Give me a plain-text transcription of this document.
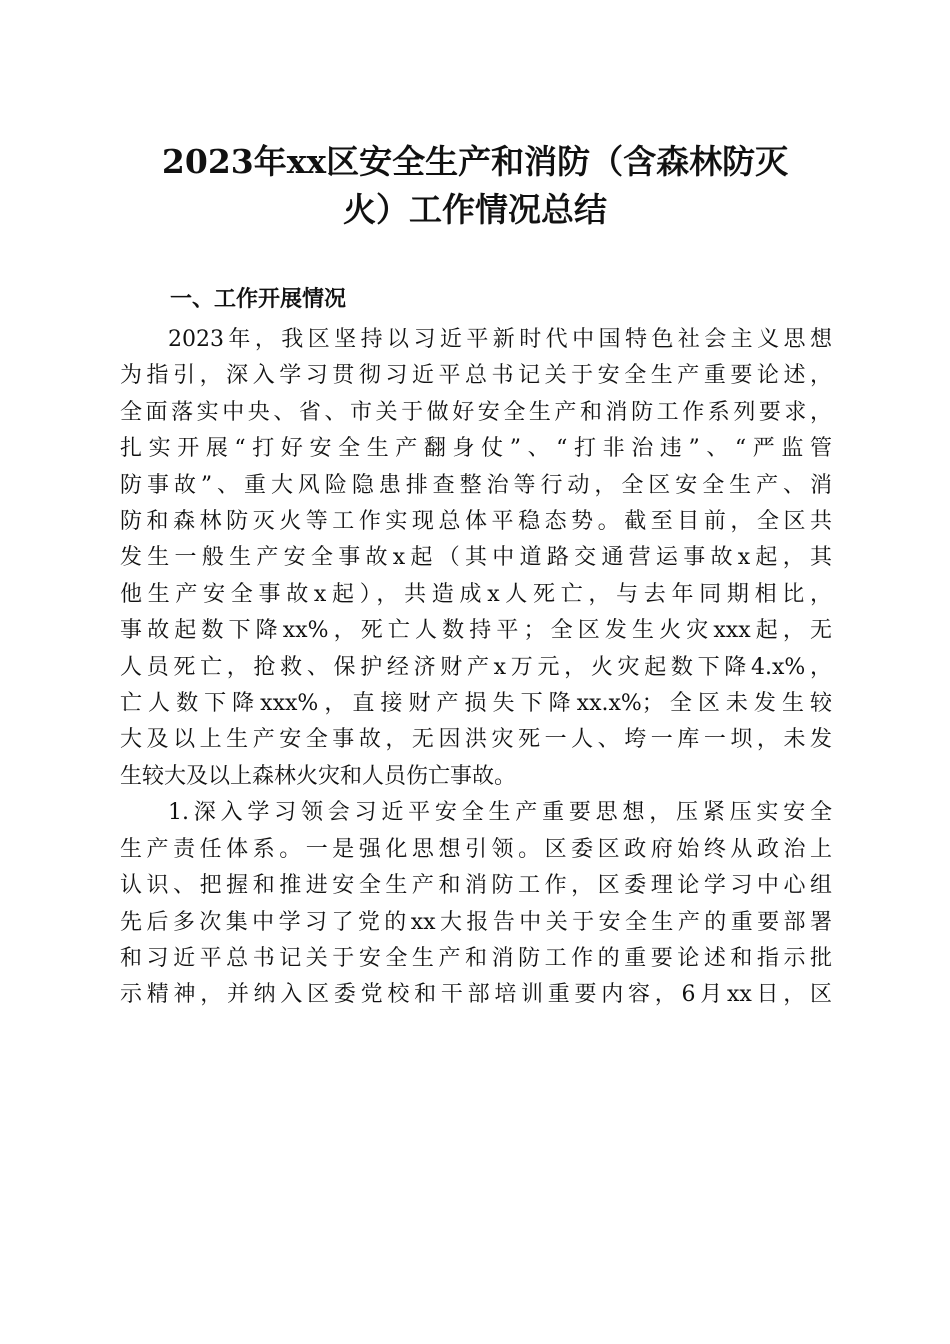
2023年xx区安全生产和消防（含森林防灭
火）工作情况总结
一、工作开展情况
2023年，我区坚持以习近平新时代中国特色社会主义思想
为指引，深入学习贯彻习近平总书记关于安全生产重要论述，
全面落实中央、省、市关于做好安全生产和消防工作系列要求，
扎实开展“打好安全生产翻身仗”、“打非治违”、“严监管
防事故”、重大风险隐患排查整治等行动，全区安全生产、消
防和森林防灭火等工作实现总体平稳态势。截至目前，全区共
发生一般生产安全事故x起（其中道路交通营运事故x起，其
他生产安全事故x起），共造成x人死亡，与去年同期相比，
事故起数下降xx%，死亡人数持平；全区发生火灾xxx起，无
人员死亡，抢救、保护经济财产x万元，火灾起数下降4.x%，
亡人数下降xxx%，直接财产损失下降xx.x%；全区未发生较
大及以上生产安全事故，无因洪灾死一人、垮一库一坝，未发
生较大及以上森林火灾和人员伤亡事故。
1.深入学习领会习近平安全生产重要思想，压紧压实安全
生产责任体系。一是强化思想引领。区委区政府始终从政治上
认识、把握和推进安全生产和消防工作，区委理论学习中心组
先后多次集中学习了党的xx大报告中关于安全生产的重要部署
和习近平总书记关于安全生产和消防工作的重要论述和指示批
示精神，并纳入区委党校和干部培训重要内容，6月xx日，区
